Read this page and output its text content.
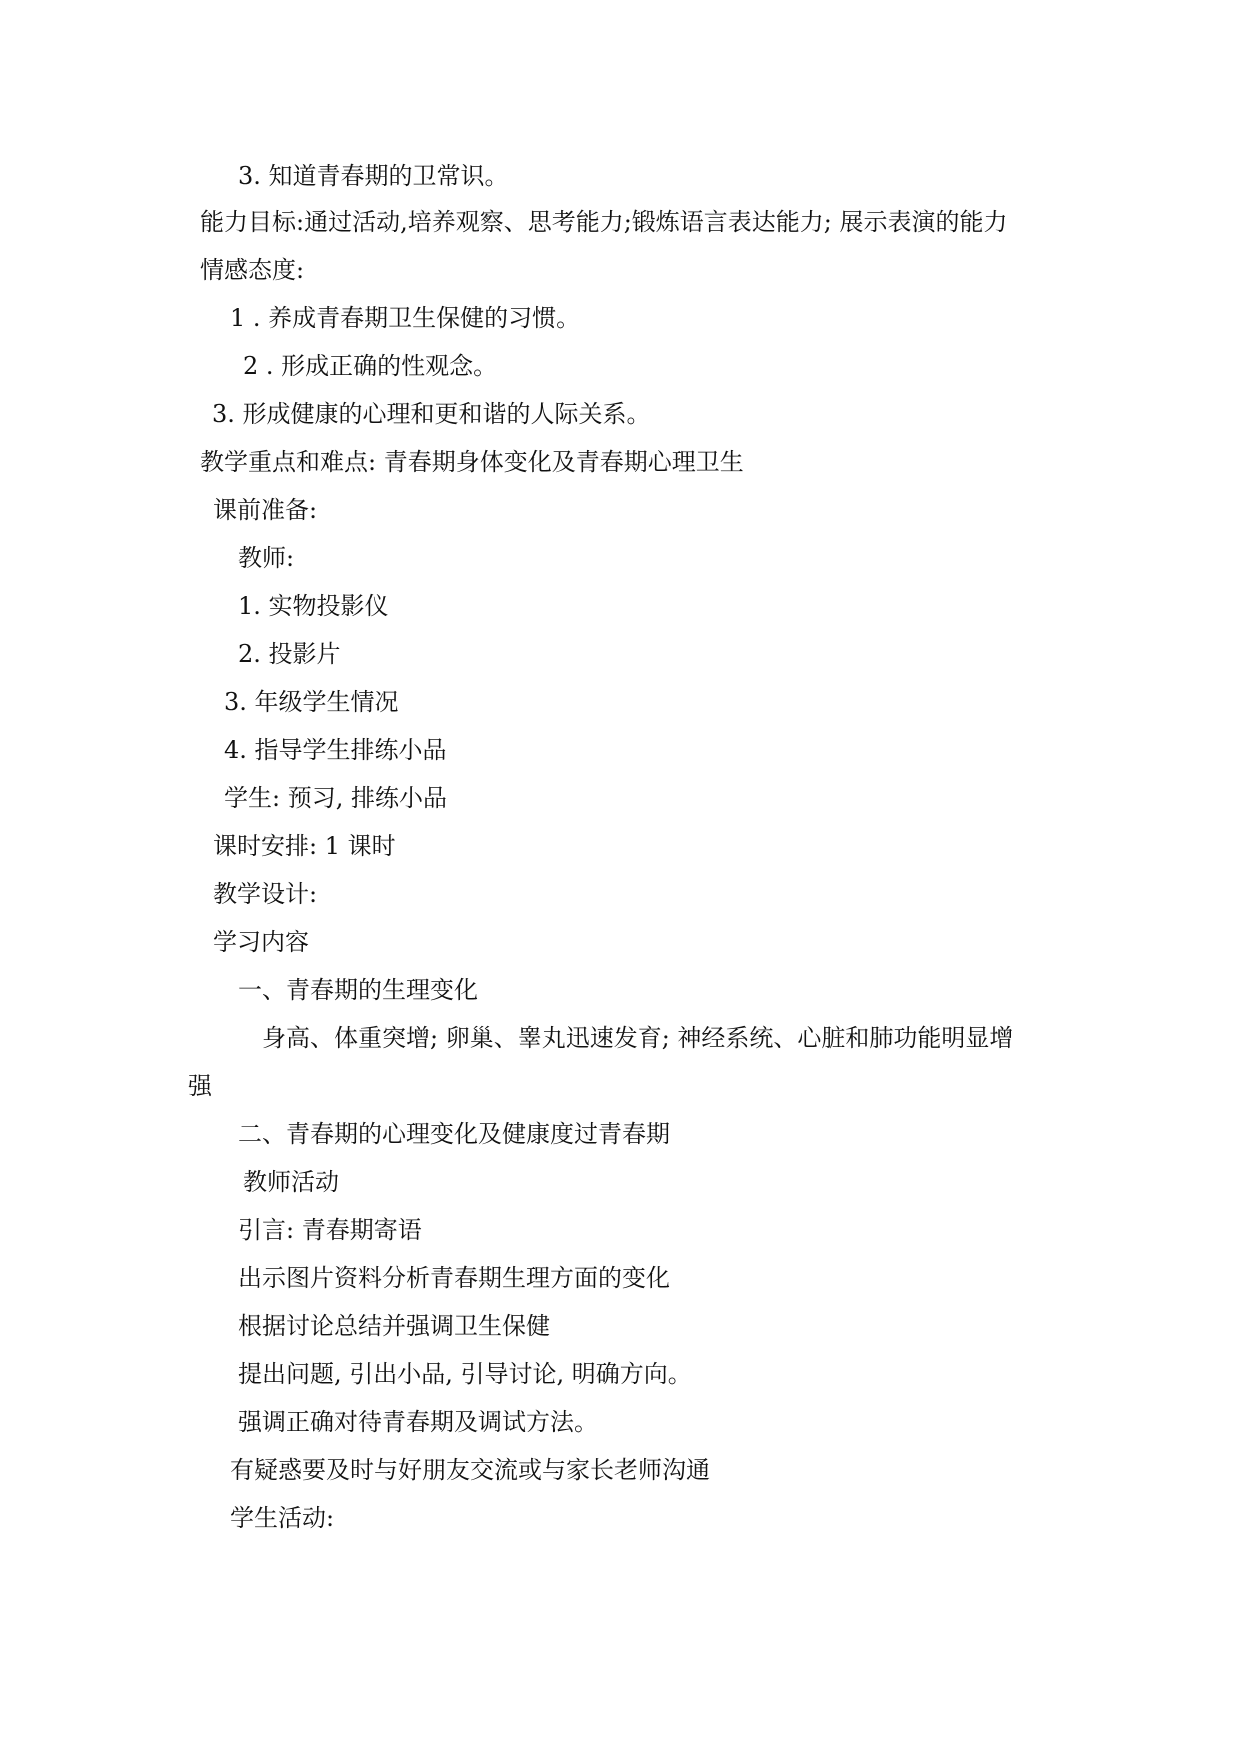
3. 知道青春期的卫常识。
能力目标:通过活动,培养观察、思考能力;锻炼语言表达能力; 展示表演的能力
情感态度:
1 . 养成青春期卫生保健的习惯。
2 . 形成正确的性观念。
3. 形成健康的心理和更和谐的人际关系。
教学重点和难点: 青春期身体变化及青春期心理卫生
课前准备:
教师:
1. 实物投影仪
2. 投影片
3. 年级学生情况
4. 指导学生排练小品
学生: 预习, 排练小品
课时安排: 1 课时
教学设计:
学习内容
一、青春期的生理变化
身高、体重突增; 卵巢、睾丸迅速发育; 神经系统、心脏和肺功能明显增
强
二、青春期的心理变化及健康度过青春期
教师活动
引言: 青春期寄语
出示图片资料分析青春期生理方面的变化
根据讨论总结并强调卫生保健
提出问题, 引出小品, 引导讨论, 明确方向。
强调正确对待青春期及调试方法。
有疑惑要及时与好朋友交流或与家长老师沟通
学生活动:
